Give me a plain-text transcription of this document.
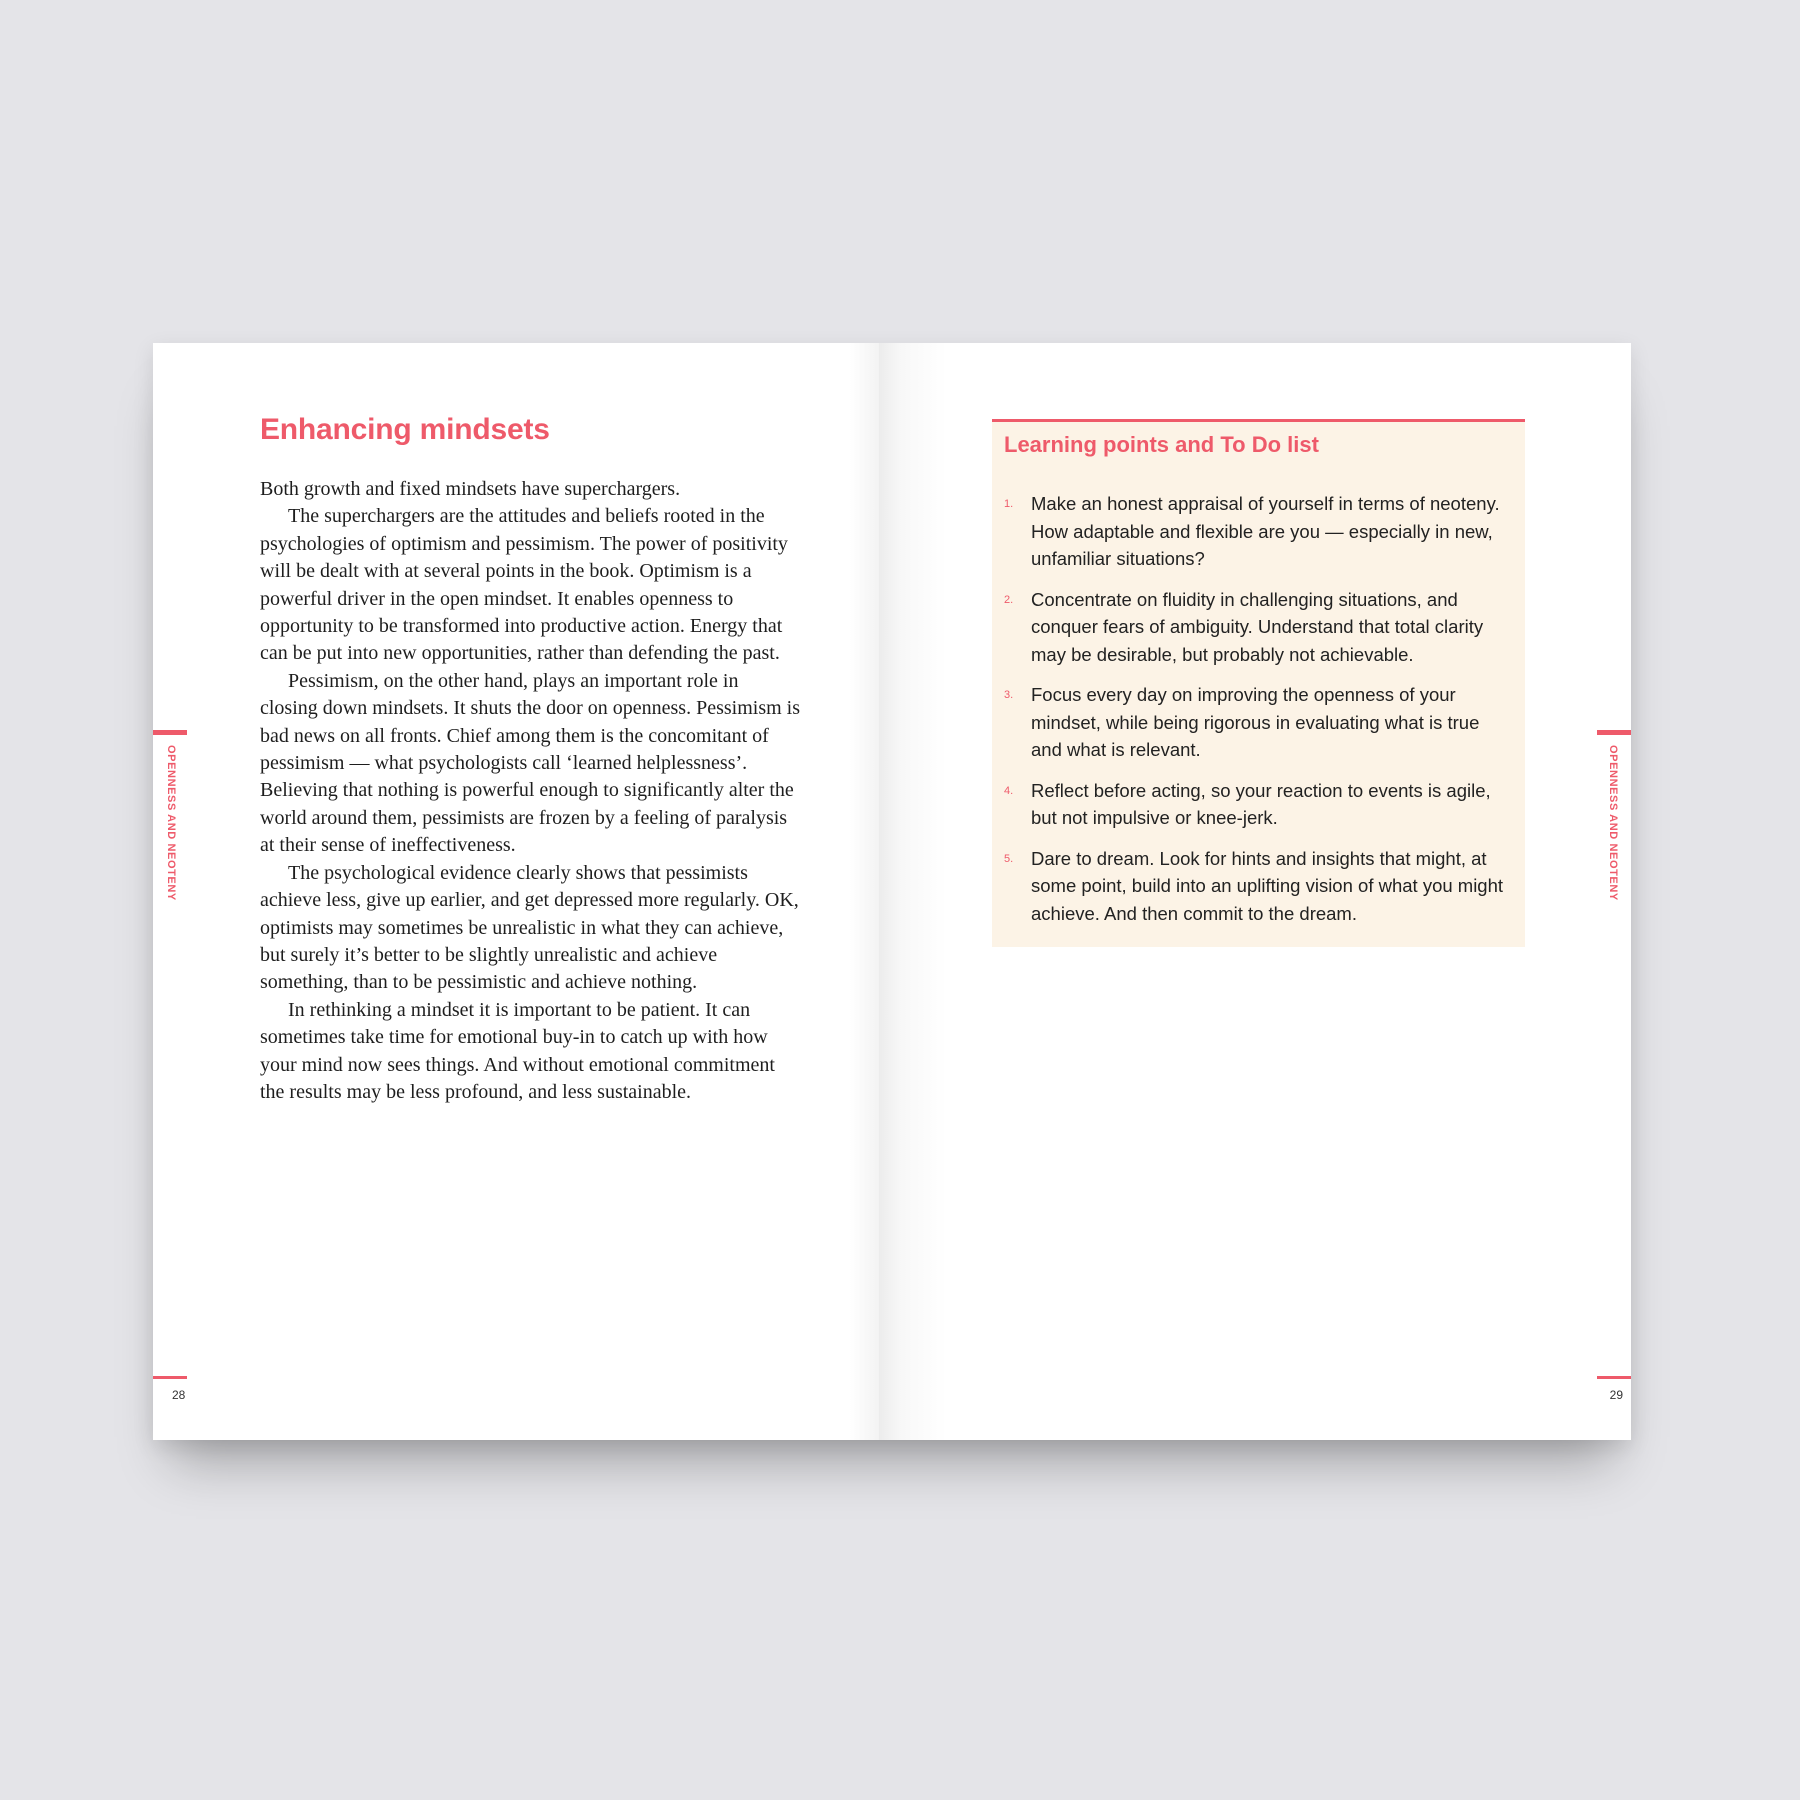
Enhancing mindsets

Both growth and fixed mindsets have superchargers.

The superchargers are the attitudes and beliefs rooted in the psychologies of optimism and pessimism. The power of positivity will be dealt with at several points in the book. Optimism is a powerful driver in the open mindset. It enables openness to opportunity to be transformed into productive action. Energy that can be put into new opportunities, rather than defending the past.

Pessimism, on the other hand, plays an important role in closing down mindsets. It shuts the door on openness. Pessimism is bad news on all fronts. Chief among them is the concomitant of pessimism — what psychologists call ‘learned helplessness’. Believing that nothing is powerful enough to significantly alter the world around them, pessimists are frozen by a feeling of paralysis at their sense of ineffectiveness.

The psychological evidence clearly shows that pessimists achieve less, give up earlier, and get depressed more regularly. OK, optimists may sometimes be unrealistic in what they can achieve, but surely it’s better to be slightly unrealistic and achieve something, than to be pessimistic and achieve nothing.

In rethinking a mindset it is important to be patient. It can sometimes take time for emotional buy-in to catch up with how your mind now sees things. And without emotional commitment the results may be less profound, and less sustainable.

OPENNESS AND NEOTENY
28
Learning points and To Do list
1. Make an honest appraisal of yourself in terms of neoteny. How adaptable and flexible are you — especially in new, unfamiliar situations?
2. Concentrate on fluidity in challenging situations, and conquer fears of ambiguity. Understand that total clarity may be desirable, but probably not achievable.
3. Focus every day on improving the openness of your mindset, while being rigorous in evaluating what is true and what is relevant.
4. Reflect before acting, so your reaction to events is agile, but not impulsive or knee-jerk.
5. Dare to dream. Look for hints and insights that might, at some point, build into an uplifting vision of what you might achieve. And then commit to the dream.
OPENNESS AND NEOTENY
29
